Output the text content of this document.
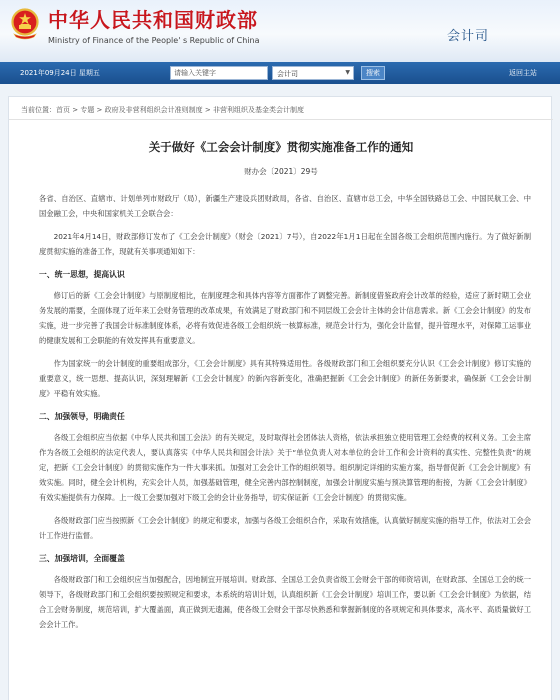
中华人民共和国财政部
Ministry of Finance of the People' s Republic of China	会计司
2021年09月24日 星期五
请输入关键字	会计司	▼	搜索	返回主站
当前位置：首页 > 专题 > 政府及非营利组织会计准则制度 > 非营利组织及基金类会计制度
关于做好《工会会计制度》贯彻实施准备工作的通知
财办会〔2021〕29号

各省、自治区、直辖市、计划单列市财政厅（局），新疆生产建设兵团财政局，各省、自治区、直辖市总工会，中华全国铁路总工会、中国民航工会、中国金融工会，中央和国家机关工会联合会：

2021年4月14日，财政部修订发布了《工会会计制度》（财会〔2021〕7号），自2022年1月1日起在全国各级工会组织范围内施行。为了做好新制度贯彻实施的准备工作，现就有关事项通知如下：

一、统一思想，提高认识

修订后的新《工会会计制度》与原制度相比，在制度理念和具体内容等方面都作了调整完善。新制度借鉴政府会计改革的经验，适应了新时期工会业务发展的需要，全面体现了近年来工会财务管理的改革成果，有效满足了财政部门和不同层级工会会计主体的会计信息需求。新《工会会计制度》的发布实施，进一步完善了我国会计标准制度体系，必将有效促进各级工会组织统一核算标准，规范会计行为，强化会计监督，提升管理水平，对保障工运事业的健康发展和工会职能的有效发挥具有重要意义。

作为国家统一的会计制度的重要组成部分，《工会会计制度》具有其特殊适用性。各级财政部门和工会组织要充分认识《工会会计制度》修订实施的重要意义，统一思想、提高认识，深刻理解新《工会会计制度》的新內容新变化，准确把握新《工会会计制度》的新任务新要求，确保新《工会会计制度》平稳有效实施。

二、加强领导，明确责任

各级工会组织应当依据《中华人民共和国工会法》的有关规定，及时取得社会团体法人资格，依法承担独立使用管理工会经费的权利义务。工会主席作为各级工会组织的法定代表人，要认真落实《中华人民共和国会计法》关于“单位负责人对本单位的会计工作和会计资料的真实性、完整性负责”的规定，把新《工会会计制度》的贯彻实施作为一件大事来抓。加强对工会会计工作的组织领导。组织制定详细的实施方案，指导督促新《工会会计制度》有效实施。同时，健全会计机构，充实会计人员，加强基础管理，健全完善内部控制制度，加强会计制度实施与预决算管理的衔接，为新《工会会计制度》有效实施提供有力保障。上一级工会要加强对下级工会的会计业务指导，切实保证新《工会会计制度》的贯彻实施。

各级财政部门应当按照新《工会会计制度》的规定和要求，加强与各级工会组织合作，采取有效措施，认真做好制度实施的指导工作，依法对工会会计工作进行监督。

三、加强培训，全面覆盖

各级财政部门和工会组织应当加强配合，因地制宜开展培训。财政部、全国总工会负责省级工会财会干部的师资培训，在财政部、全国总工会的统一领导下，各级财政部门和工会组织要按照规定和要求，本系统的培训计划，认真组织新《工会会计制度》培训工作，要以新《工会会计制度》为依据，结合工会财务制度，规范培训，扩大覆盖面，真正做到无遗漏，使各级工会财会干部尽快熟悉和掌握新制度的各项规定和具体要求，高水平、高质量做好工会会计工作。
